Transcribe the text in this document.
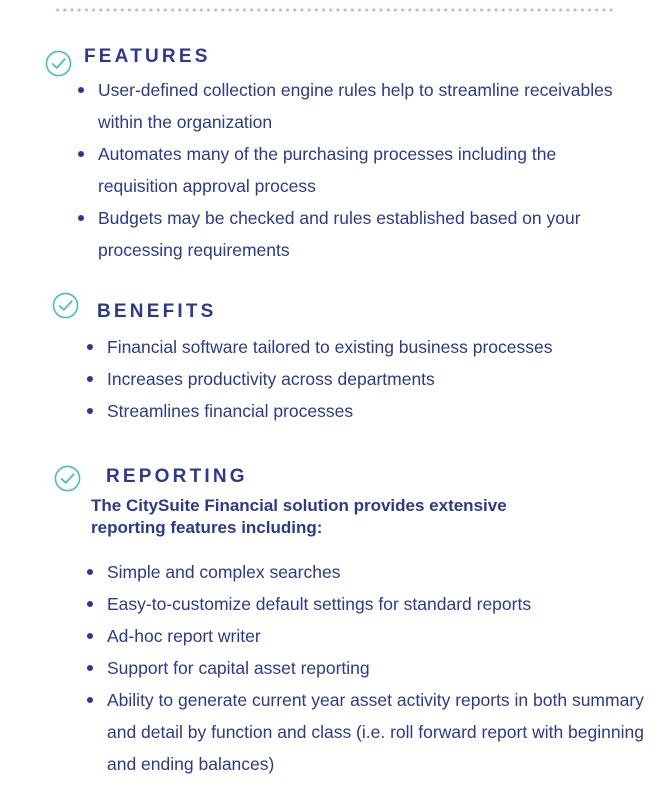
FEATURES
User-defined collection engine rules help to streamline receivables within the organization
Automates many of the purchasing processes including the requisition approval process
Budgets may be checked and rules established based on your processing requirements
BENEFITS
Financial software tailored to existing business processes
Increases productivity across departments
Streamlines financial processes
REPORTING
The CitySuite Financial solution provides extensive reporting features including:
Simple and complex searches
Easy-to-customize default settings for standard reports
Ad-hoc report writer
Support for capital asset reporting
Ability to generate current year asset activity reports in both summary and detail by function and class (i.e. roll forward report with beginning and ending balances)
